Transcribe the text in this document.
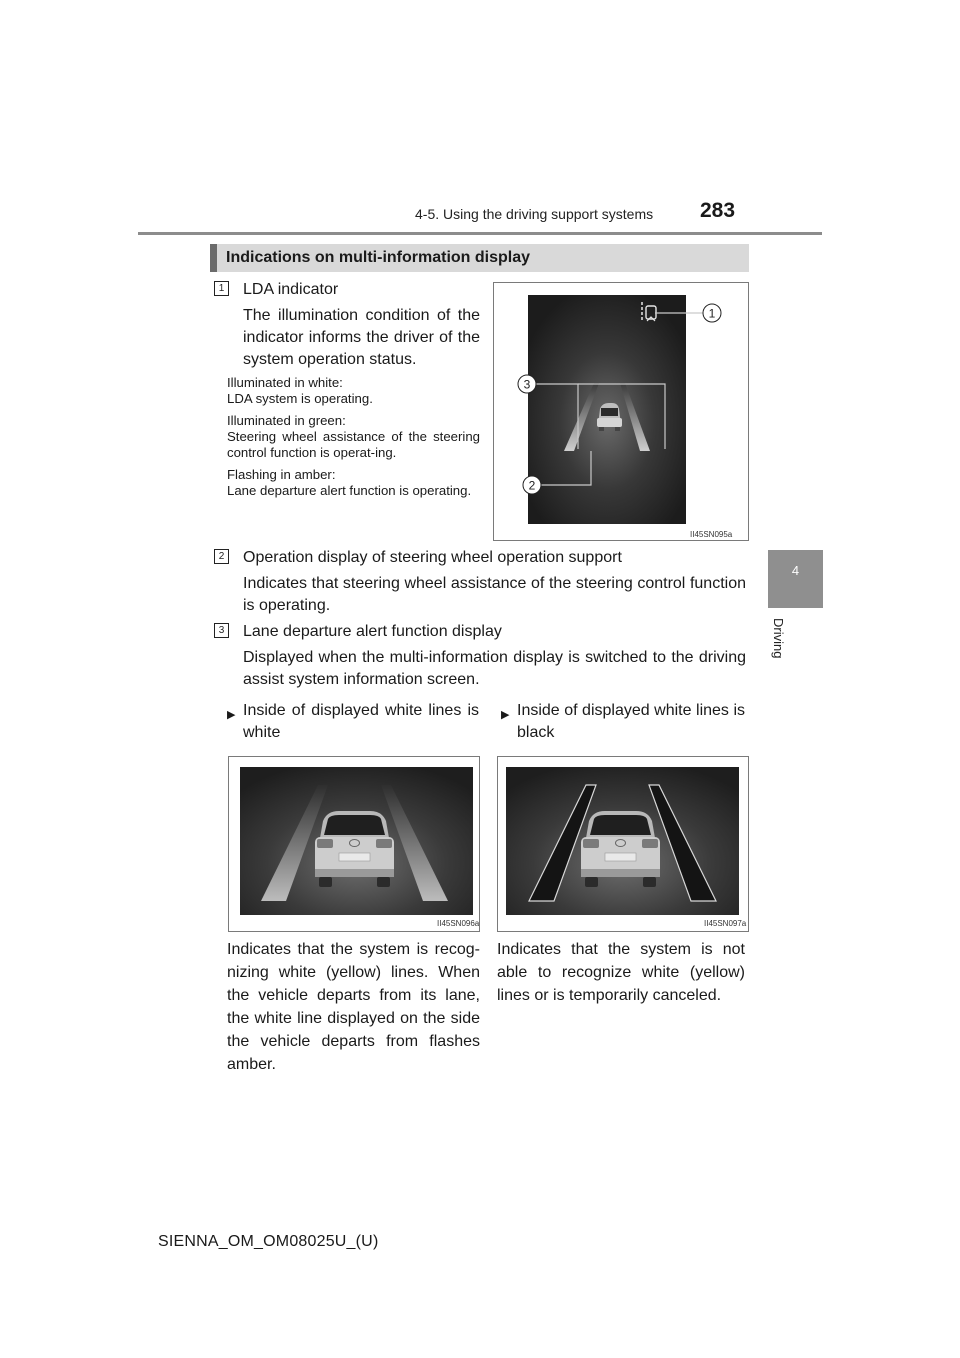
4-5. Using the driving support systems 283
4
Driving
Indications on multi-information display
1 LDA indicator

The illumination condition of the indicator informs the driver of the system operation status.

Illuminated in white:
LDA system is operating.
Illuminated in green:
Steering wheel assistance of the steering control function is operat-ing.
Flashing in amber:
Lane departure alert function is operating.
1
3
2
II45SN095a
2 Operation display of steering wheel operation support
Indicates that steering wheel assistance of the steering control function is operating.
3 Lane departure alert function display
Displayed when the multi-information display is switched to the driving assist system information screen.
▶ Inside of displayed white lines is white
▶ Inside of displayed white lines is black
II45SN096a	II45SN097a
Indicates that the system is recog-nizing white (yellow) lines. When the vehicle departs from its lane, the white line displayed on the side the vehicle departs from flashes amber.
Indicates that the system is not able to recognize white (yellow) lines or is temporarily canceled.
SIENNA_OM_OM08025U_(U)
